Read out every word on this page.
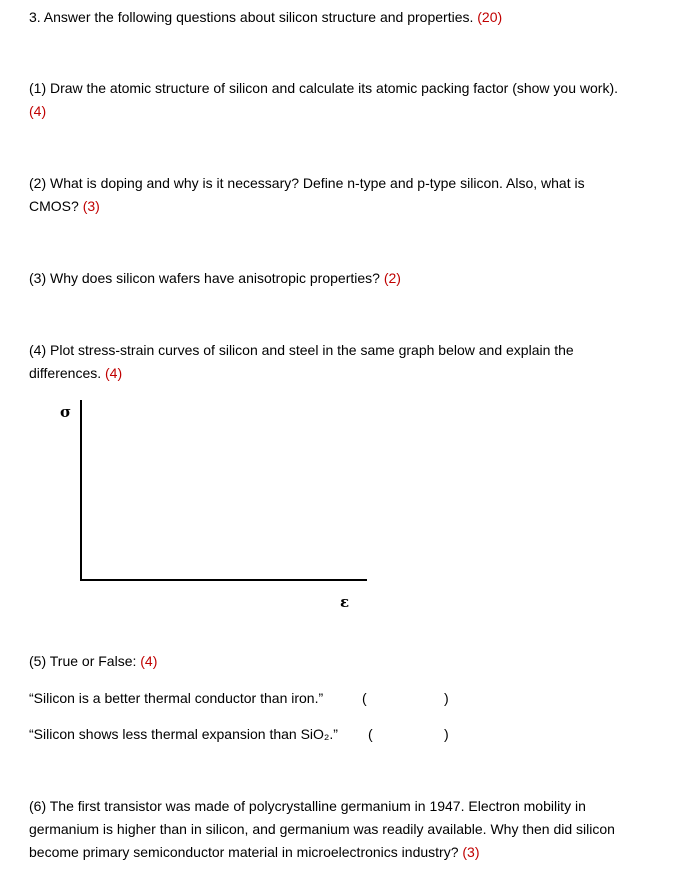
3. Answer the following questions about silicon structure and properties. (20)
(1) Draw the atomic structure of silicon and calculate its atomic packing factor (show you work).
(4)
(2) What is doping and why is it necessary? Define n-type and p-type silicon. Also, what is
CMOS? (3)
(3) Why does silicon wafers have anisotropic properties? (2)
(4) Plot stress-strain curves of silicon and steel in the same graph below and explain the
differences. (4)
σ
ε
(5) True or False: (4)
“Silicon is a better thermal conductor than iron.”	(	)
“Silicon shows less thermal expansion than SiO₂.” (	)
(6) The first transistor was made of polycrystalline germanium in 1947. Electron mobility in
germanium is higher than in silicon, and germanium was readily available. Why then did silicon
become primary semiconductor material in microelectronics industry? (3)
